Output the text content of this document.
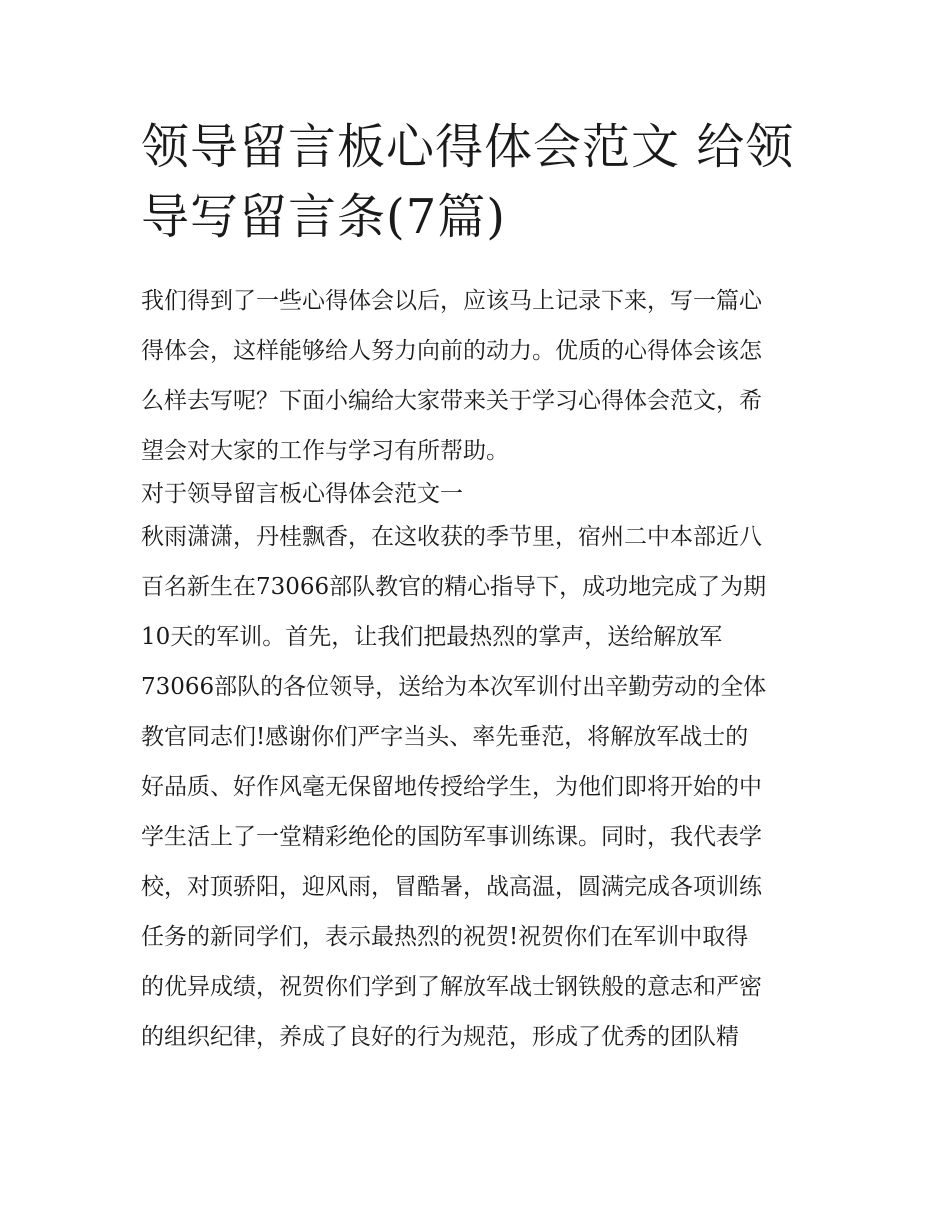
领导留言板心得体会范文 给领
导写留言条(7篇)
我们得到了一些心得体会以后，应该马上记录下来，写一篇心
得体会，这样能够给人努力向前的动力。优质的心得体会该怎
么样去写呢？下面小编给大家带来关于学习心得体会范文，希
望会对大家的工作与学习有所帮助。
对于领导留言板心得体会范文一
秋雨潇潇，丹桂飘香，在这收获的季节里，宿州二中本部近八
百名新生在73066部队教官的精心指导下，成功地完成了为期
10天的军训。首先，让我们把最热烈的掌声，送给解放军
73066部队的各位领导，送给为本次军训付出辛勤劳动的全体
教官同志们!感谢你们严字当头、率先垂范，将解放军战士的
好品质、好作风毫无保留地传授给学生，为他们即将开始的中
学生活上了一堂精彩绝伦的国防军事训练课。同时，我代表学
校，对顶骄阳，迎风雨，冒酷暑，战高温，圆满完成各项训练
任务的新同学们，表示最热烈的祝贺!祝贺你们在军训中取得
的优异成绩，祝贺你们学到了解放军战士钢铁般的意志和严密
的组织纪律，养成了良好的行为规范，形成了优秀的团队精
